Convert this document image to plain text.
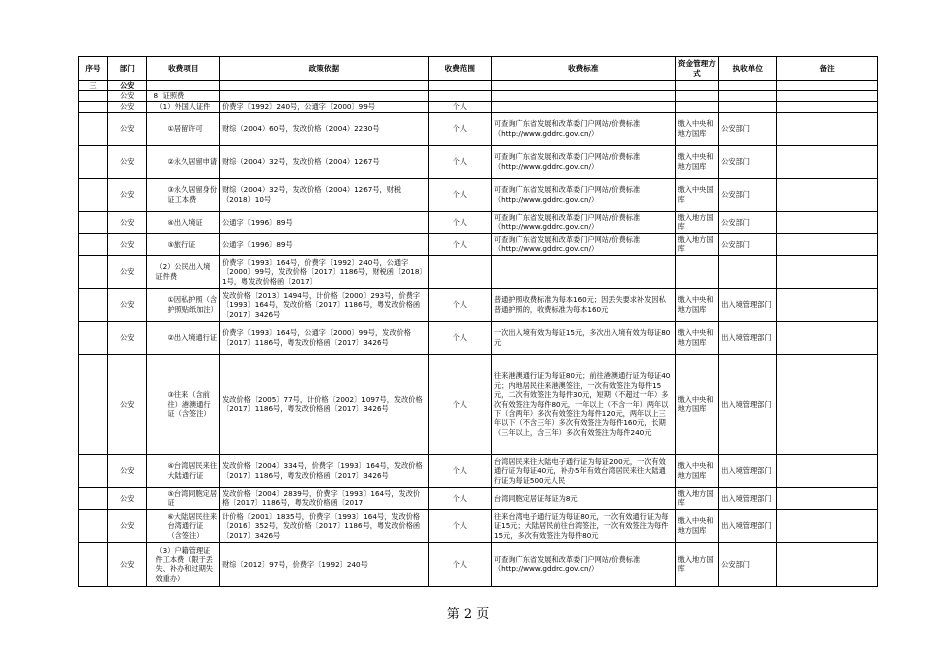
序号	部门	收费项目	政策依据	收费范围	收费标准	资金管理方式	执收单位	备注
三	公安							
	公安	8 证照费						
	公安	（1）外国人证件	价费字〔1992〕240号，公通字〔2000〕99号	个人				
	公安	①居留许可	财综（2004）60号，发改价格（2004）2230号	个人	可查询广东省发展和改革委门户网站/价费标准（http://www.gddrc.gov.cn/）	缴入中央和地方国库	公安部门	
	公安	②永久居留申请	财综（2004）32号，发改价格（2004）1267号	个人	可查询广东省发展和改革委门户网站/价费标准（http://www.gddrc.gov.cn/）	缴入中央和地方国库	公安部门	
	公安	③永久居留身份证工本费	财综（2004）32号，发改价格（2004）1267号，财税（2018）10号	个人	可查询广东省发展和改革委门户网站/价费标准（http://www.gddrc.gov.cn/）	缴入中央国库	公安部门	
	公安	④出入境证	公通字〔1996〕89号	个人	可查询广东省发展和改革委门户网站/价费标准（http://www.gddrc.gov.cn/）	缴入地方国库	公安部门	
	公安	⑤旅行证	公通字〔1996〕89号	个人	可查询广东省发展和改革委门户网站/价费标准（http://www.gddrc.gov.cn/）	缴入地方国库	公安部门	
	公安	（2）公民出入境证件费	价费字〔1993〕164号，价费字〔1992〕240号，公通字〔2000〕99号，发改价格〔2017〕1186号，财税函〔2018〕1号，粤发改价格函〔2017〕					
	公安	①因私护照（含护照贴纸加注）	发改价格〔2013〕1494号，计价格〔2000〕293号，价费字〔1993〕164号，发改价格〔2017〕1186号，粤发改价格函〔2017〕3426号	个人	普通护照收费标准为每本160元；因丢失要求补发因私普通护照的，收费标准为每本160元	缴入中央和地方国库	出入境管理部门	
	公安	②出入境通行证	价费字〔1993〕164号，公通字〔2000〕99号，发改价格〔2017〕1186号，粤发改价格函〔2017〕3426号	个人	一次出入境有效为每证15元，多次出入境有效为每证80元	缴入中央和地方国库	出入境管理部门	
	公安	③往来（含前往）港澳通行证（含签注）	发改价格〔2005〕77号，计价格〔2002〕1097号，发改价格〔2017〕1186号，粤发改价格函〔2017〕3426号	个人	往来港澳通行证为每证80元；前往港澳通行证为每证40元；内地居民往来港澳签注，一次有效签注为每件15元，二次有效签注为每件30元，短期（不超过一年）多次有效签注为每件80元，一年以上（不含一年）两年以下（含两年）多次有效签注为每件120元，两年以上三年以下（不含三年）多次有效签注为每件160元，长期（三年以上，含三年）多次有效签注为每件240元	缴入中央和地方国库	出入境管理部门	
	公安	④台湾居民来往大陆通行证	发改价格〔2004〕334号，价费字〔1993〕164号，发改价格〔2017〕1186号，粤发改价格函〔2017〕3426号	个人	台湾居民来往大陆电子通行证为每证200元，一次有效通行证为每证40元，补办5年有效台湾居民来往大陆通行证为每证500元人民	缴入中央和地方国库	出入境管理部门	
	公安	⑤台湾同胞定居证	发改价格〔2004〕2839号，价费字〔1993〕164号，发改价格〔2017〕1186号，粤发改价格函〔2017	个人	台湾同胞定居证每证为8元	缴入地方国库	出入境管理部门	
	公安	⑥大陆居民往来台湾通行证（含签注）	计价格〔2001〕1835号，价费字〔1993〕164号，发改价格〔2016〕352号，发改价格〔2017〕1186号，粤发改价格函〔2017〕3426号	个人	往来台湾电子通行证为每证80元，一次有效通行证为每证15元；大陆居民前往台湾签注，一次有效签注为每件15元，多次有效签注为每件80元	缴入中央和地方国库	出入境管理部门	
	公安	（3）户籍管理证件工本费（限于丢失、补办和过期失效重办）	财综〔2012〕97号，价费字〔1992〕240号	个人	可查询广东省发展和改革委门户网站/价费标准（http://www.gddrc.gov.cn/）	缴入地方国库	公安部门	
第 2 页
